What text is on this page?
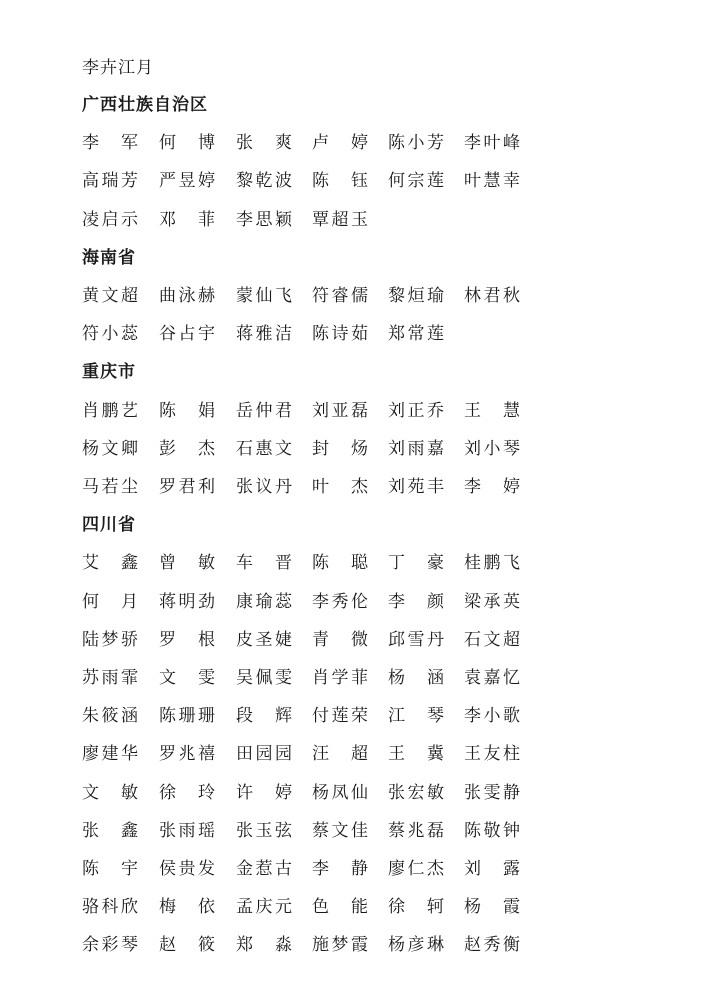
李卉江月
广西壮族自治区
李 军 何 博 张 爽 卢 婷 陈 小 芳 李 叶 峰
高 瑞 芳 严 昱 婷 黎 乾 波 陈 钰 何 宗 莲 叶 慧 幸
凌 启 示 邓 菲 李 思 颖 覃 超 玉
海南省
黄 文 超 曲 泳 赫 蒙 仙 飞 符 睿 儒 黎 烜 瑜 林 君 秋
符 小 蕊 谷 占 宇 蒋 雅 洁 陈 诗 茹 郑 常 莲
重庆市
肖 鹏 艺 陈 娟 岳 仲 君 刘 亚 磊 刘 正 乔 王 慧
杨 文 卿 彭 杰 石 惠 文 封 炀 刘 雨 嘉 刘 小 琴
马 若 尘 罗 君 利 张 议 丹 叶 杰 刘 苑 丰 李 婷
四川省
艾 鑫 曾 敏 车 晋 陈 聪 丁 豪 桂 鹏 飞
何 月 蒋 明 劲 康 瑜 蕊 李 秀 伦 李 颜 梁 承 英
陆 梦 骄 罗 根 皮 圣 婕 青 微 邱 雪 丹 石 文 超
苏 雨 霏 文 雯 吴 佩 雯 肖 学 菲 杨 涵 袁 嘉 忆
朱 筱 涵 陈 珊 珊 段 辉 付 莲 荣 江 琴 李 小 歌
廖 建 华 罗 兆 禧 田 园 园 汪 超 王 冀 王 友 柱
文 敏 徐 玲 许 婷 杨 凤 仙 张 宏 敏 张 雯 静
张 鑫 张 雨 瑶 张 玉 弦 蔡 文 佳 蔡 兆 磊 陈 敬 钟
陈 宇 侯 贵 发 金 惹 古 李 静 廖 仁 杰 刘 露
骆 科 欣 梅 依 孟 庆 元 色 能 徐 轲 杨 霞
余 彩 琴 赵 筱 郑 淼 施 梦 霞 杨 彦 琳 赵 秀 衡
